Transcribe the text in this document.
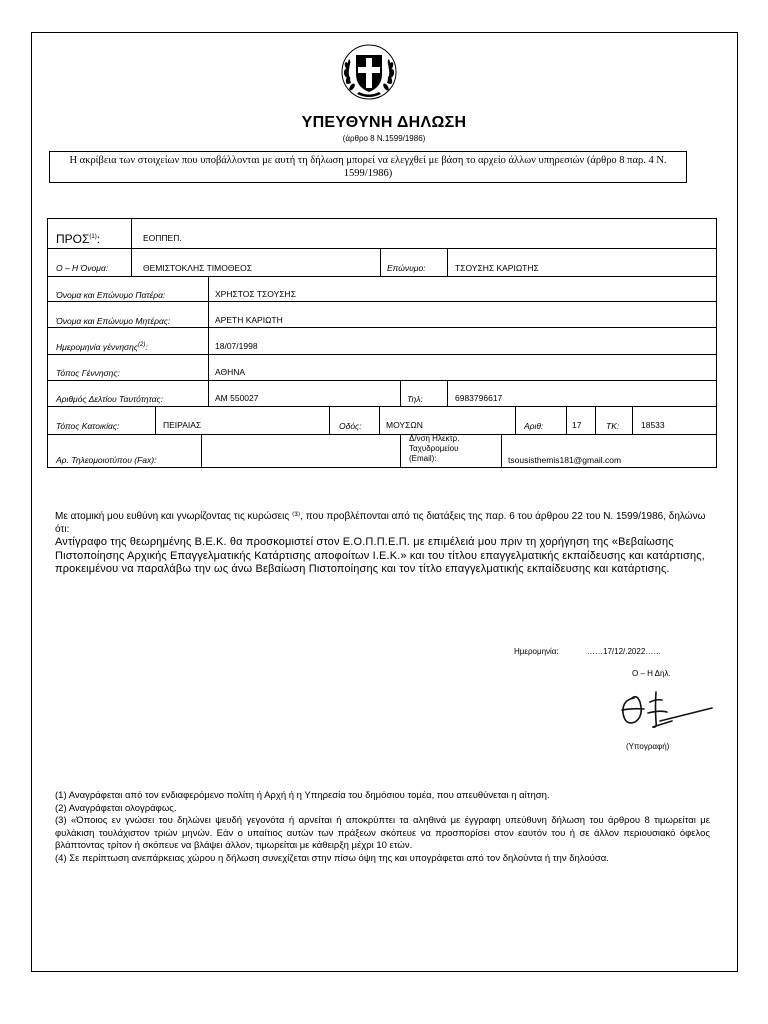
ΥΠΕΥΘΥΝΗ ΔΗΛΩΣΗ
(άρθρο 8 Ν.1599/1986)
Η ακρίβεια των στοιχείων που υποβάλλονται με αυτή τη δήλωση μπορεί να ελεγχθεί με βάση το αρχείο άλλων υπηρεσιών (άρθρο 8 παρ. 4 Ν. 1599/1986)
ΠΡΟΣ$^{(1)}$:	ΕΟΠΠΕΠ.
Ο – Η Όνομα:	ΘΕΜΙΣΤΟΚΛΗΣ ΤΙΜΟΘΕΟΣ	Επώνυμο:	ΤΣΟΥΣΗΣ ΚΑΡΙΩΤΗΣ
Όνομα και Επώνυμο Πατέρα:	ΧΡΗΣΤΟΣ ΤΣΟΥΣΗΣ
Όνομα και Επώνυμο Μητέρας:	ΑΡΕΤΗ ΚΑΡΙΩΤΗ
Ημερομηνία γέννησης$^{(2)}$:	18/07/1998
Τόπος Γέννησης:	ΑΘΗΝΑ
Αριθμός Δελτίου Ταυτότητας:	ΑΜ 550027	Τηλ:	6983796617
Τόπος Κατοικίας:	ΠΕΙΡΑΙΑΣ	Οδός:	ΜΟΥΣΩΝ	Αριθ:	17	ΤΚ:	18533
Αρ. Τηλεομοιοτύπου (Fax):
Δ/νση Ηλεκτρ.
Ταχυδρομείου
(Email):	tsousisthemis181@gmail.com
Με ατομική μου ευθύνη και γνωρίζοντας τις κυρώσεις ⁽³⁾, που προβλέπονται από τις διατάξεις της παρ. 6 του άρθρου 22 του Ν. 1599/1986, δηλώνω ότι:
Αντίγραφο της θεωρημένης Β.Ε.Κ. θα προσκομιστεί στον Ε.Ο.Π.Π.Ε.Π. με επιμέλειά μου πριν τη χορήγηση της «Βεβαίωσης Πιστοποίησης Αρχικής Επαγγελματικής Κατάρτισης αποφοίτων Ι.Ε.Κ.» και του τίτλου επαγγελματικής εκπαίδευσης και κατάρτισης, προκειμένου να παραλάβω την ως άνω Βεβαίωση Πιστοποίησης και τον τίτλο επαγγελματικής εκπαίδευσης και κατάρτισης.
Ημερομηνία:	……17/12/.2022……
Ο – Η Δηλ.
(Υπογραφή)

(1) Αναγράφεται από τον ενδιαφερόμενο πολίτη ή Αρχή ή η Υπηρεσία του δημόσιου τομέα, που απευθύνεται η αίτηση.

(2) Αναγράφεται ολογράφως.

(3) «Όποιος εν γνώσει του δηλώνει ψευδή γεγονότα ή αρνείται ή αποκρύπτει τα αληθινά με έγγραφη υπεύθυνη δήλωση του άρθρου 8 τιμωρείται με φυλάκιση τουλάχιστον τριών μηνών. Εάν ο υπαίτιος αυτών των πράξεων σκόπευε να προσπορίσει στον εαυτόν του ή σε άλλον περιουσιακό όφελος βλάπτοντας τρίτον ή σκόπευε να βλάψει άλλον, τιμωρείται με κάθειρξη μέχρι 10 ετών.

(4) Σε περίπτωση ανεπάρκειας χώρου η δήλωση συνεχίζεται στην πίσω όψη της και υπογράφεται από τον δηλούντα ή την δηλούσα.
